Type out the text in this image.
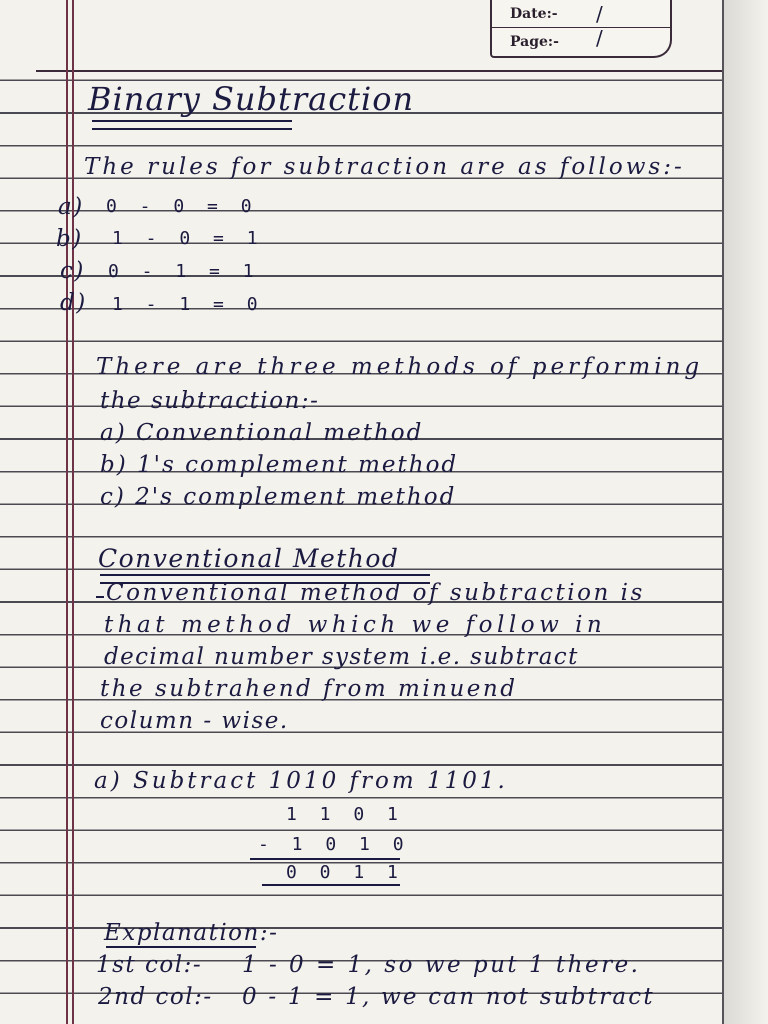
Date:- / /
Page:-
Binary Subtraction
The rules for subtraction are as follows:-
a) 0 - 0 = 0
b) 1 - 0 = 1
c) 0 - 1 = 1
d) 1 - 1 = 0
There are three methods of performing
the subtraction:-
a) Conventional method
b) 1's complement method
c) 2's complement method
Conventional Method
Conventional method of subtraction is
that method which we follow in
decimal number system i.e. subtract
the subtrahend from minuend
column - wise.
a) Subtract 1010 from 1101.
1 1 0 1
- 1 0 1 0
0 0 1 1
Explanation:-
1st col:- 1 - 0 = 1, so we put 1 there.
2nd col:- 0 - 1 = 1, we can not subtract
